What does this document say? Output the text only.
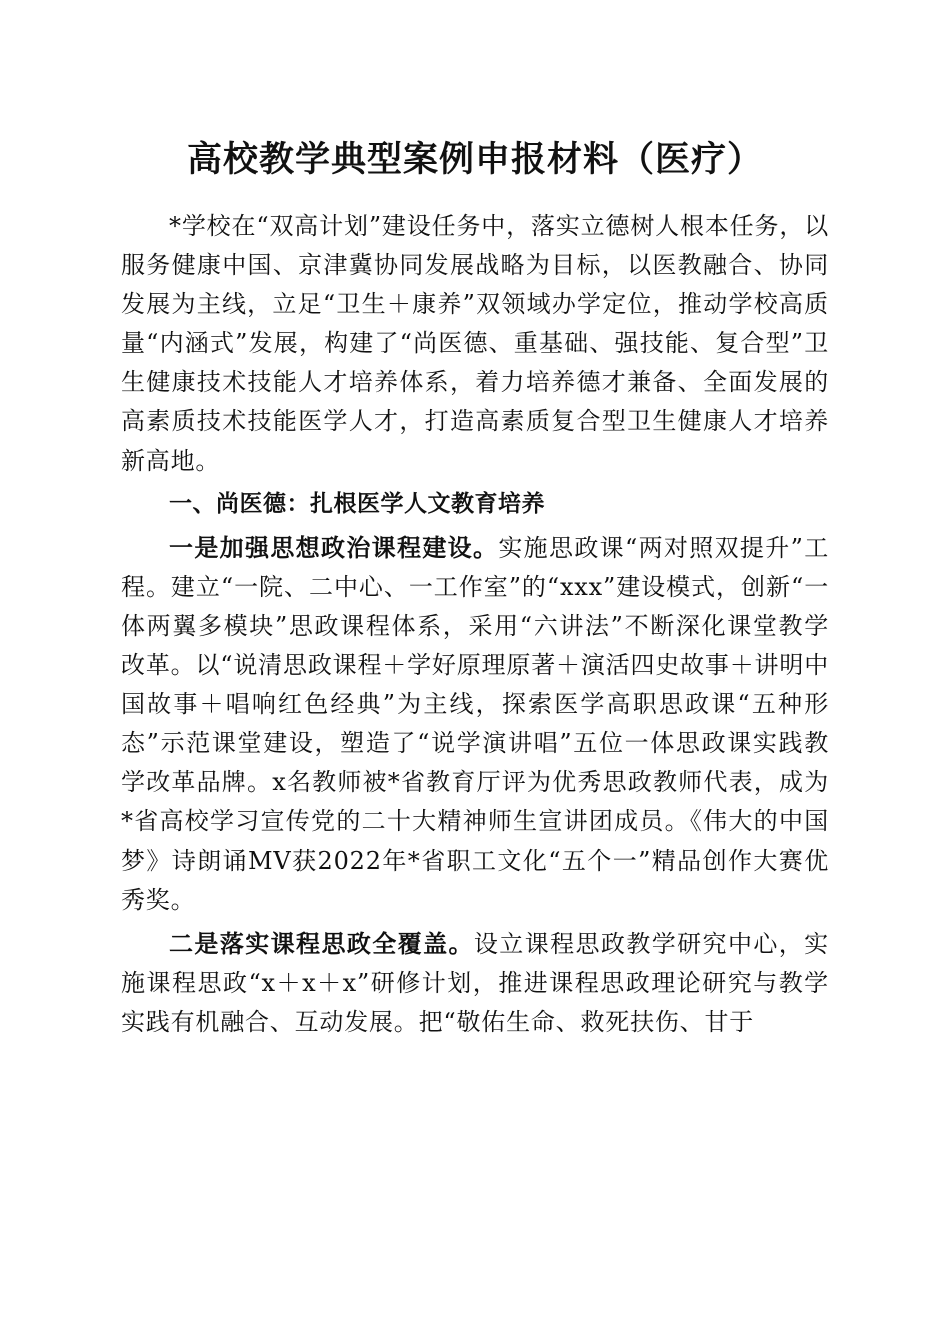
高校教学典型案例申报材料（医疗）

*学校在“双高计划”建设任务中，落实立德树人根本任务，以服务健康中国、京津冀协同发展战略为目标，以医教融合、协同发展为主线，立足“卫生＋康养”双领域办学定位，推动学校高质量“内涵式”发展，构建了“尚医德、重基础、强技能、复合型”卫生健康技术技能人才培养体系，着力培养德才兼备、全面发展的高素质技术技能医学人才，打造高素质复合型卫生健康人才培养新高地。

一、尚医德：扎根医学人文教育培养

一是加强思想政治课程建设。实施思政课“两对照双提升”工程。建立“一院、二中心、一工作室”的“xxx”建设模式，创新“一体两翼多模块”思政课程体系，采用“六讲法”不断深化课堂教学改革。以“说清思政课程＋学好原理原著＋演活四史故事＋讲明中国故事＋唱响红色经典”为主线，探索医学高职思政课“五种形态”示范课堂建设，塑造了“说学演讲唱”五位一体思政课实践教学改革品牌。x名教师被*省教育厅评为优秀思政教师代表，成为*省高校学习宣传党的二十大精神师生宣讲团成员。《伟大的中国梦》诗朗诵MV获2022年*省职工文化“五个一”精品创作大赛优秀奖。

二是落实课程思政全覆盖。设立课程思政教学研究中心，实施课程思政“x＋x＋x”研修计划，推进课程思政理论研究与教学实践有机融合、互动发展。把“敬佑生命、救死扶伤、甘于
